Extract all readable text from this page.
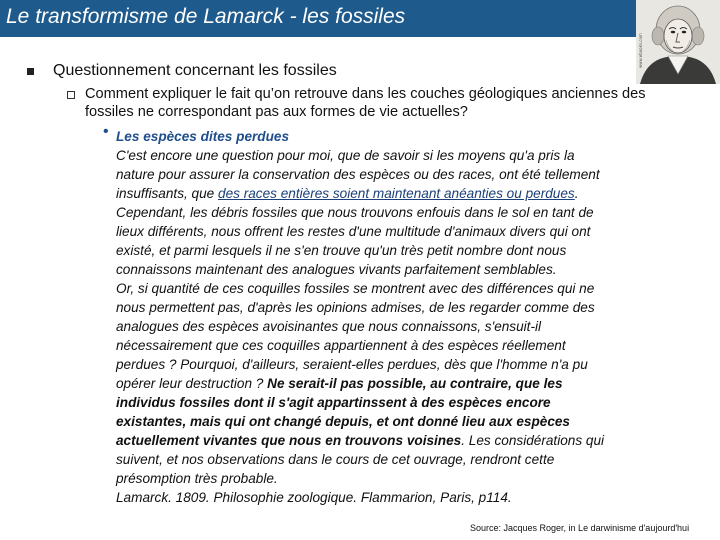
Le transformisme de Lamarck - les fossiles
www.ebooks.com
Questionnement concernant les fossiles
Comment expliquer le fait qu’on retrouve dans les couches géologiques anciennes des
fossiles ne correspondant pas aux formes de vie actuelles?
• Les espèces dites perdues
C'est encore une question pour moi, que de savoir si les moyens qu'a pris la
nature pour assurer la conservation des espèces ou des races, ont été tellement
insuffisants, que des races entières soient maintenant anéanties ou perdues.
Cependant, les débris fossiles que nous trouvons enfouis dans le sol en tant de
lieux différents, nous offrent les restes d'une multitude d'animaux divers qui ont
existé, et parmi lesquels il ne s'en trouve qu'un très petit nombre dont nous
connaissons maintenant des analogues vivants parfaitement semblables.
Or, si quantité de ces coquilles fossiles se montrent avec des différences qui ne
nous permettent pas, d'après les opinions admises, de les regarder comme des
analogues des espèces avoisinantes que nous connaissons, s'ensuit-il
nécessairement que ces coquilles appartiennent à des espèces réellement
perdues ? Pourquoi, d'ailleurs, seraient-elles perdues, dès que l'homme n'a pu
opérer leur destruction ? Ne serait-il pas possible, au contraire, que les
individus fossiles dont il s'agit appartinssent à des espèces encore
existantes, mais qui ont changé depuis, et ont donné lieu aux espèces
actuellement vivantes que nous en trouvons voisines. Les considérations qui
suivent, et nos observations dans le cours de cet ouvrage, rendront cette
présomption très probable.
Lamarck. 1809. Philosophie zoologique. Flammarion, Paris, p114.
Source: Jacques Roger, in Le darwinisme d'aujourd'hui
